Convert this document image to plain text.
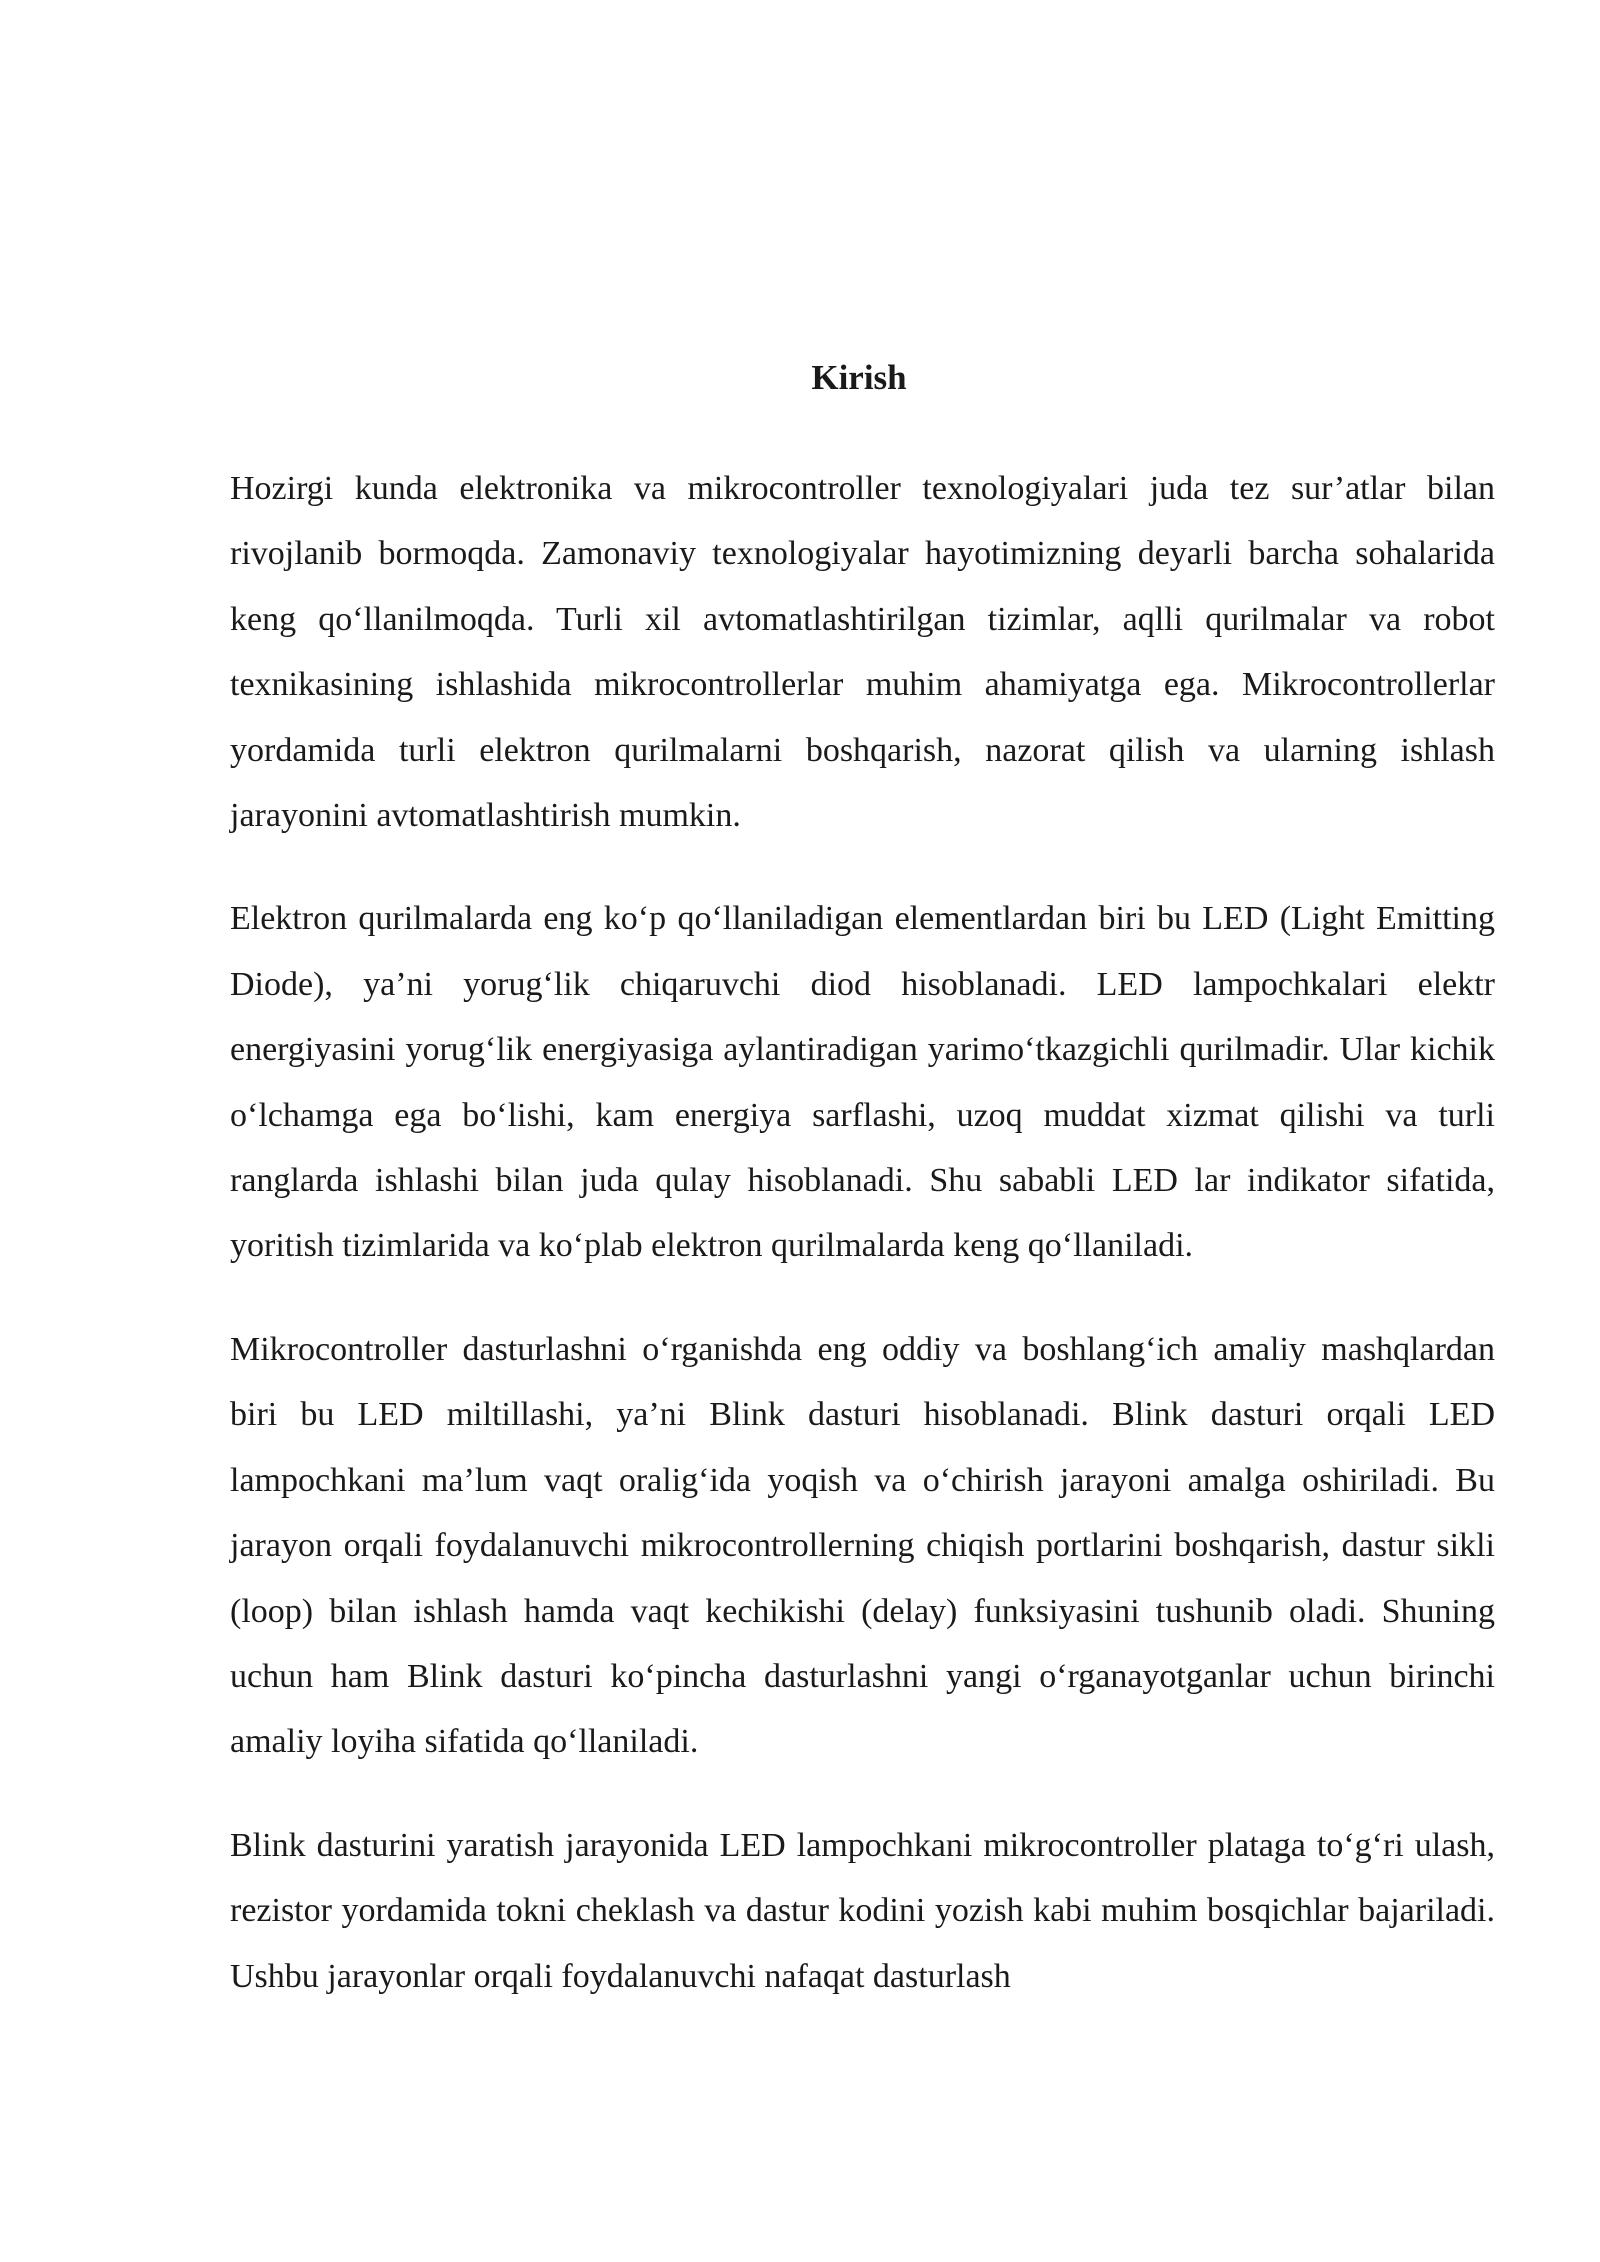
Kirish

Hozirgi kunda elektronika va mikrocontroller texnologiyalari juda tez sur’atlar bilan rivojlanib bormoqda. Zamonaviy texnologiyalar hayotimizning deyarli barcha sohalarida keng qo‘llanilmoqda. Turli xil avtomatlashtirilgan tizimlar, aqlli qurilmalar va robot texnikasining ishlashida mikrocontrollerlar muhim ahamiyatga ega. Mikrocontrollerlar yordamida turli elektron qurilmalarni boshqarish, nazorat qilish va ularning ishlash jarayonini avtomatlashtirish mumkin.

Elektron qurilmalarda eng ko‘p qo‘llaniladigan elementlardan biri bu LED (Light Emitting Diode), ya’ni yorug‘lik chiqaruvchi diod hisoblanadi. LED lampochkalari elektr energiyasini yorug‘lik energiyasiga aylantiradigan yarimo‘tkazgichli qurilmadir. Ular kichik o‘lchamga ega bo‘lishi, kam energiya sarflashi, uzoq muddat xizmat qilishi va turli ranglarda ishlashi bilan juda qulay hisoblanadi. Shu sababli LED lar indikator sifatida, yoritish tizimlarida va ko‘plab elektron qurilmalarda keng qo‘llaniladi.

Mikrocontroller dasturlashni o‘rganishda eng oddiy va boshlang‘ich amaliy mashqlardan biri bu LED miltillashi, ya’ni Blink dasturi hisoblanadi. Blink dasturi orqali LED lampochkani ma’lum vaqt oralig‘ida yoqish va o‘chirish jarayoni amalga oshiriladi. Bu jarayon orqali foydalanuvchi mikrocontrollerning chiqish portlarini boshqarish, dastur sikli (loop) bilan ishlash hamda vaqt kechikishi (delay) funksiyasini tushunib oladi. Shuning uchun ham Blink dasturi ko‘pincha dasturlashni yangi o‘rganayotganlar uchun birinchi amaliy loyiha sifatida qo‘llaniladi.

Blink dasturini yaratish jarayonida LED lampochkani mikrocontroller plataga to‘g‘ri ulash, rezistor yordamida tokni cheklash va dastur kodini yozish kabi muhim bosqichlar bajariladi. Ushbu jarayonlar orqali foydalanuvchi nafaqat dasturlash
